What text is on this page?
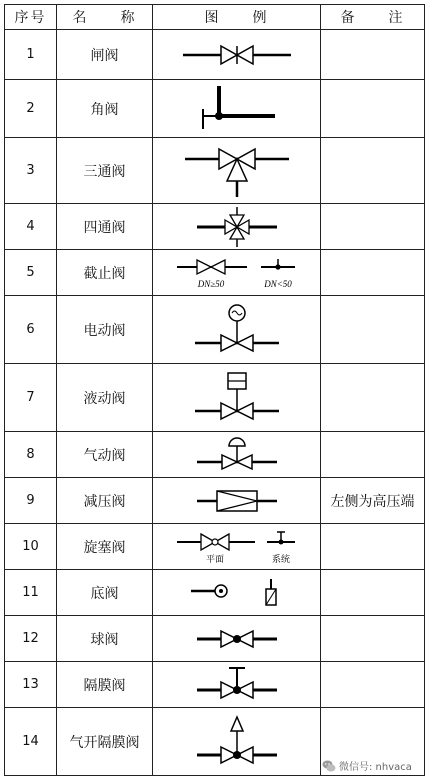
序号	名　　称	图　　例	备　　注
1	闸阀	

2	角阀	

3	三通阀	

4	四通阀	

5	截止阀	DN≥50 DN<50	

6	电动阀	

7	液动阀	

8	气动阀	

9	减压阀		左侧为高压端
10	旋塞阀	平面 系统	

11	底阀	

12	球阀	

13	隔膜阀	

14	气开隔膜阀	

微信号: nhvaca
